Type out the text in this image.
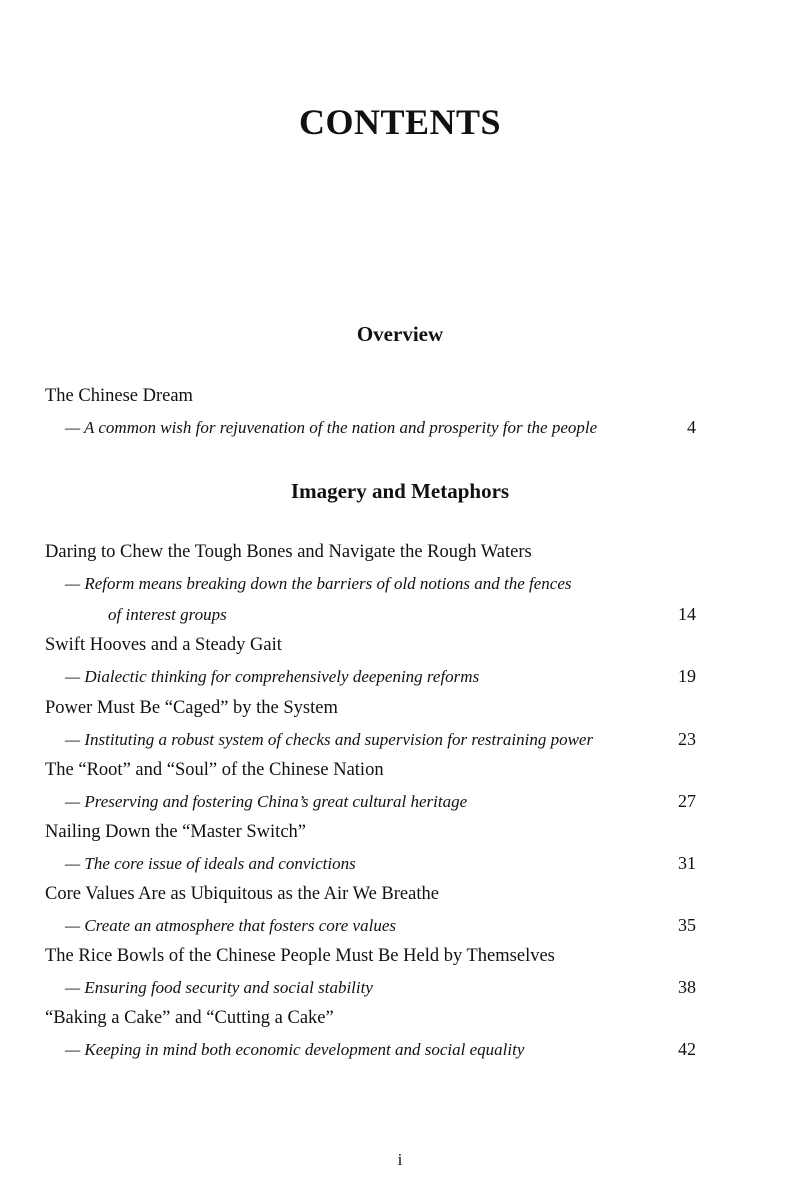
CONTENTS
Overview
The Chinese Dream
— A common wish for rejuvenation of the nation and prosperity for the people	4
Imagery and Metaphors
Daring to Chew the Tough Bones and Navigate the Rough Waters
— Reform means breaking down the barriers of old notions and the fences
of interest groups	14
Swift Hooves and a Steady Gait
— Dialectic thinking for comprehensively deepening reforms	19
Power Must Be “Caged” by the System
— Instituting a robust system of checks and supervision for restraining power	23
The “Root” and “Soul” of the Chinese Nation
— Preserving and fostering China’s great cultural heritage	27
Nailing Down the “Master Switch”
— The core issue of ideals and convictions	31
Core Values Are as Ubiquitous as the Air We Breathe
— Create an atmosphere that fosters core values	35
The Rice Bowls of the Chinese People Must Be Held by Themselves
— Ensuring food security and social stability	38
“Baking a Cake” and “Cutting a Cake”
— Keeping in mind both economic development and social equality	42
i
